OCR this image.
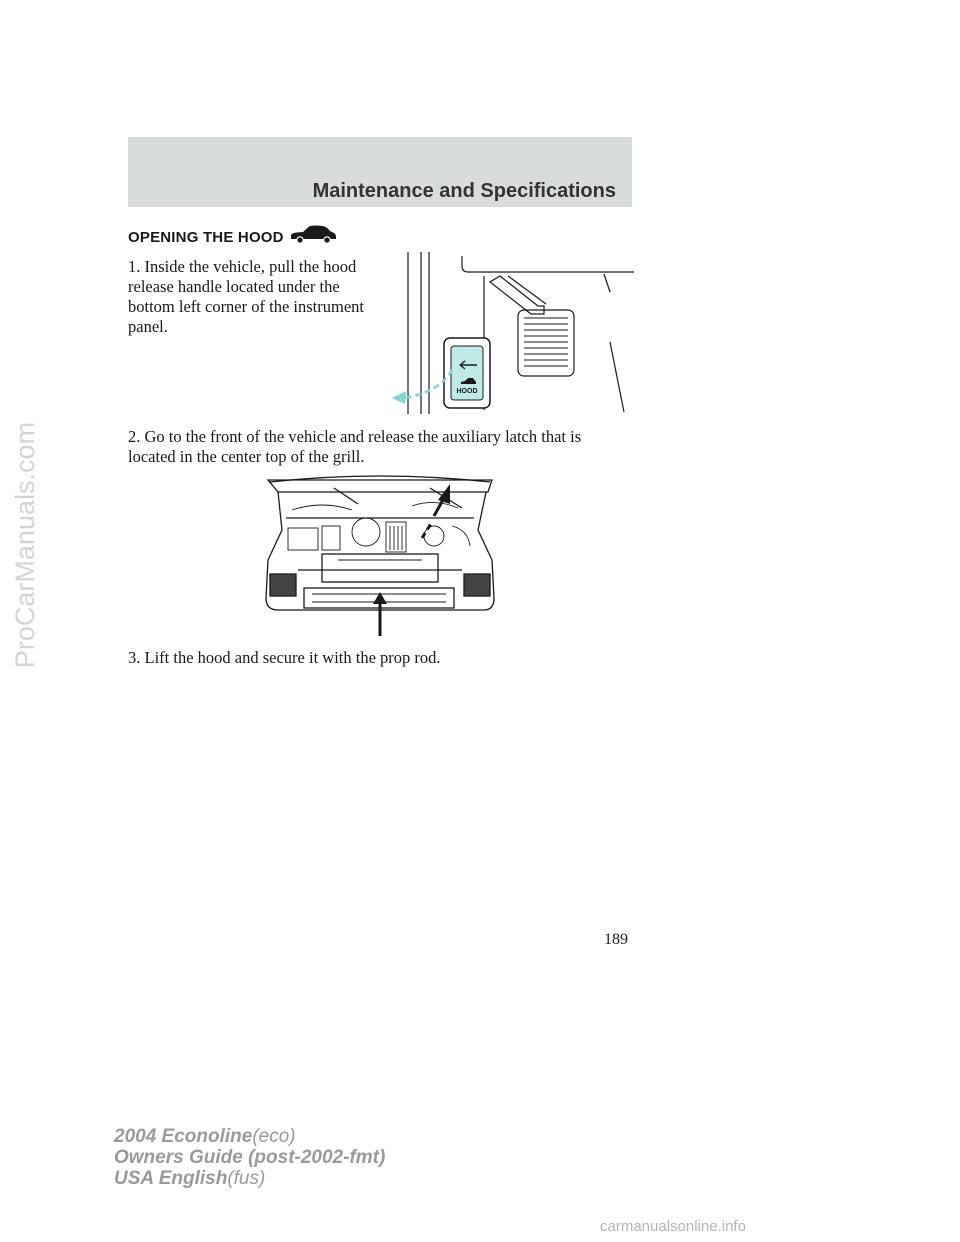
Maintenance and Specifications
OPENING THE HOOD
1. Inside the vehicle, pull the hood release handle located under the bottom left corner of the instrument panel.
HOOD
2. Go to the front of the vehicle and release the auxiliary latch that is located in the center top of the grill.
3. Lift the hood and secure it with the prop rod.
189
2004 Econoline(eco)
Owners Guide (post-2002-fmt)
USA English(fus)
ProCarManuals.com
carmanualsonline.info
